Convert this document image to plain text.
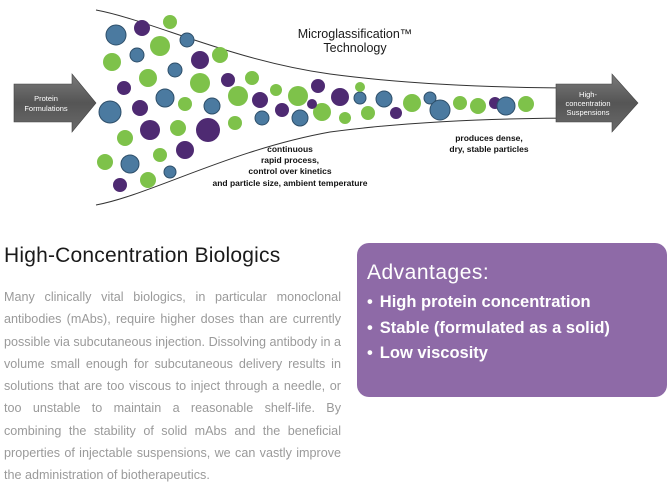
Protein
Formulations
High-
concentration
Suspensions
Microglassification™
Technology
continuous
rapid process,
control over kinetics
and particle size, ambient temperature
produces dense,
dry, stable particles
High-Concentration Biologics

Many clinically vital biologics, in particular monoclonal antibodies (mAbs), require higher doses than are currently possible via subcutaneous injection. Dissolving antibody in a volume small enough for subcutaneous delivery results in solutions that are too viscous to inject through a needle, or too unstable to maintain a reasonable shelf-life. By combining the stability of solid mAbs and the beneficial properties of injectable suspensions, we can vastly improve the administration of biotherapeutics.

Advantages:
• High protein concentration
• Stable (formulated as a solid)
• Low viscosity
